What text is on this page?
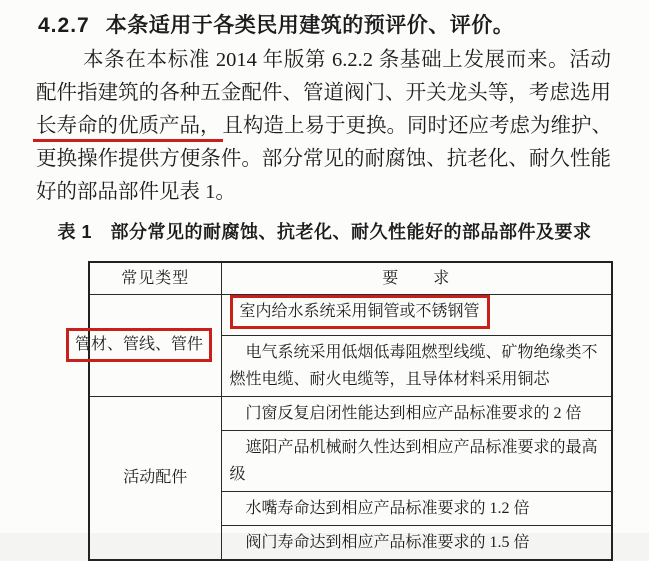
4.2.7 本条适用于各类民用建筑的预评价、评价。
本条在本标准 2014 年版第 6.2.2 条基础上发展而来。活动
配件指建筑的各种五金配件、管道阀门、开关龙头等，考虑选用
长寿命的优质产品，且构造上易于更换。同时还应考虑为维护、
更换操作提供方便条件。部分常见的耐腐蚀、抗老化、耐久性能
好的部品部件见表 1。
表 1　部分常见的耐腐蚀、抗老化、耐久性能好的部品部件及要求
常见类型	要　　求
管材、管线、管件	室内给水系统采用铜管或不锈钢管
	电气系统采用低烟低毒阻燃型线缆、矿物绝缘类不燃性电缆、耐火电缆等，且导体材料采用铜芯
活动配件	门窗反复启闭性能达到相应产品标准要求的 2 倍
	遮阳产品机械耐久性达到相应产品标准要求的最高级
	水嘴寿命达到相应产品标准要求的 1.2 倍
	阀门寿命达到相应产品标准要求的 1.5 倍
